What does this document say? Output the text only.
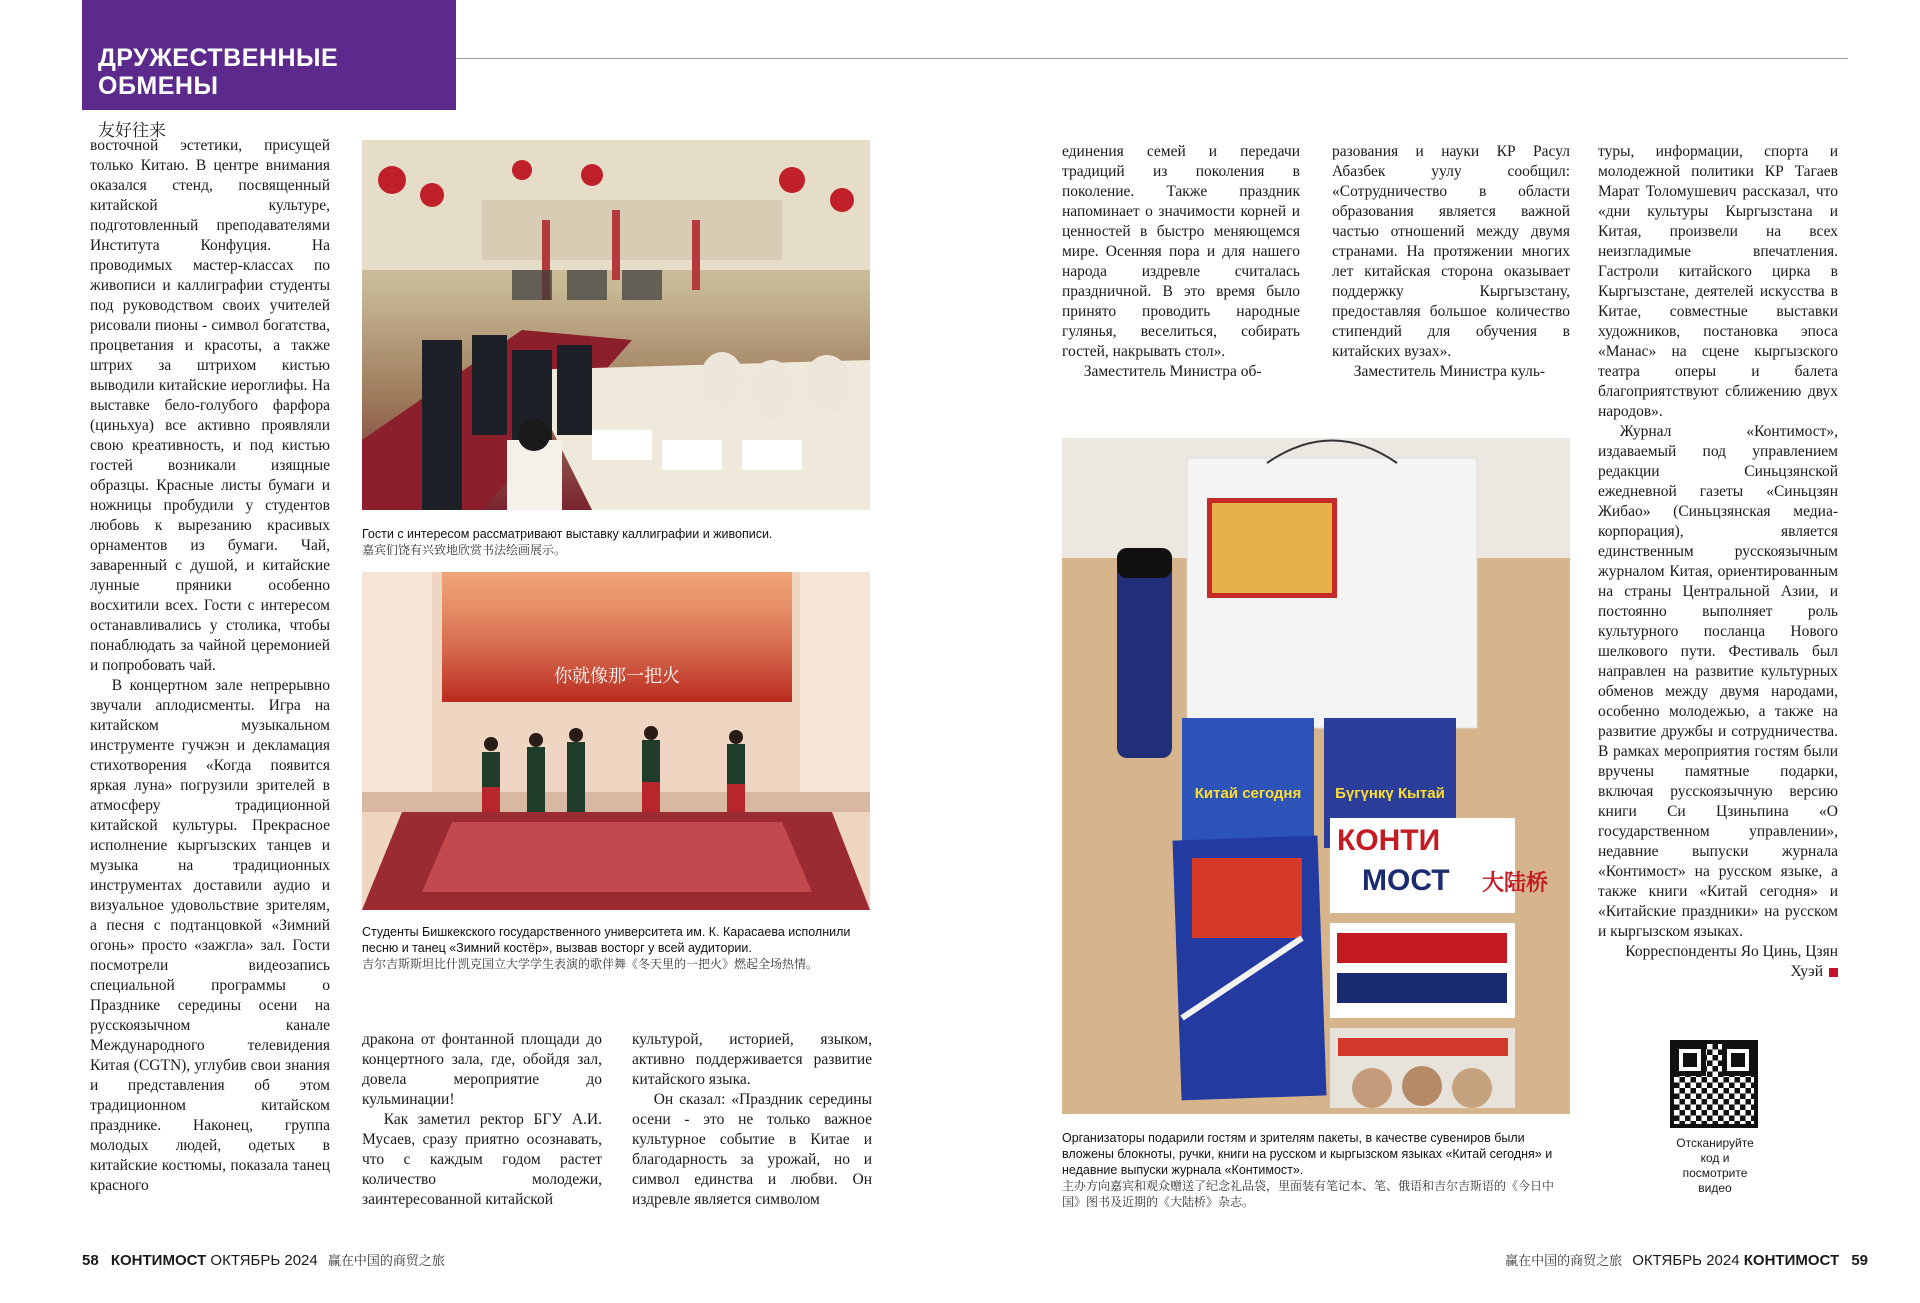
ДРУЖЕСТВЕННЫЕ
ОБМЕНЫ
友好往来

восточной эстетики, присущей только Китаю. В центре внимания оказался стенд, посвященный китайской культуре, подготовленный преподавателями Института Конфуция. На проводимых мастер-классах по живописи и каллиграфии студенты под руководством своих учителей рисовали пионы - символ богатства, процветания и красоты, а также штрих за штрихом кистью выводили китайские иероглифы. На выставке бело-голубого фарфора (циньхуа) все активно проявляли свою креативность, и под кистью гостей возникали изящные образцы. Красные листы бумаги и ножницы пробудили у студентов любовь к вырезанию красивых орнаментов из бумаги. Чай, заваренный с душой, и китайские лунные пряники особенно восхитили всех. Гости с интересом останавливались у столика, чтобы понаблюдать за чайной церемонией и попробовать чай.

В концертном зале непрерывно звучали аплодисменты. Игра на китайском музыкальном инструменте гучжэн и декламация стихотворения «Когда появится яркая луна» погрузили зрителей в атмосферу традиционной китайской культуры. Прекрасное исполнение кыргызских танцев и музыка на традиционных инструментах доставили аудио и визуальное удовольствие зрителям, а песня с подтанцовкой «Зимний огонь» просто «зажгла» зал. Гости посмотрели видеозапись специальной программы о Празднике середины осени на русскоязычном канале Международного телевидения Китая (CGTN), углубив свои знания и представления об этом традиционном китайском празднике. Наконец, группа молодых людей, одетых в китайские костюмы, показала танец красного

Гости с интересом рассматривают выставку каллиграфии и живописи.
嘉宾们饶有兴致地欣赏书法绘画展示。
你就像那一把火
Студенты Бишкекского государственного университета им. К. Карасаева исполнили песню и танец «Зимний костёр», вызвав восторг у всей аудитории.
吉尔吉斯斯坦比什凯克国立大学学生表演的歌伴舞《冬天里的一把火》燃起全场热情。

дракона от фонтанной площади до концертного зала, где, обойдя зал, довела мероприятие до кульминации!

Как заметил ректор БГУ А.И. Мусаев, сразу приятно осознавать, что с каждым годом растет количество молодежи, заинтересованной китайской

культурой, историей, языком, активно поддерживается развитие китайского языка.

Он сказал: «Праздник середины осени - это не только важное культурное событие в Китае и благодарность за урожай, но и символ единства и любви. Он издревле является символом

единения семей и передачи традиций из поколения в поколение. Также праздник напоминает о значимости корней и ценностей в быстро меняющемся мире. Осенняя пора и для нашего народа издревле считалась праздничной. В это время было принято проводить народные гулянья, веселиться, собирать гостей, накрывать стол».

Заместитель Министра об-

разования и науки КР Расул Абазбек уулу сообщил: «Сотрудничество в области образования является важной частью отношений между двумя странами. На протяжении многих лет китайская сторона оказывает поддержку Кыргызстану, предоставляя большое количество стипендий для обучения в китайских вузах».

Заместитель Министра куль-

Китай сегодня Бүгүнкү Кытай
КОНТИ
МОСТ 大陆桥
Организаторы подарили гостям и зрителям пакеты, в качестве сувениров были вложены блокноты, ручки, книги на русском и кыргызском языках «Китай сегодня» и недавние выпуски журнала «Контимост».
主办方向嘉宾和观众赠送了纪念礼品袋，里面装有笔记本、笔、俄语和吉尔吉斯语的《今日中国》图书及近期的《大陆桥》杂志。

туры, информации, спорта и молодежной политики КР Тагаев Марат Толомушевич рассказал, что «дни культуры Кыргызстана и Китая, произвели на всех неизгладимые впечатления. Гастроли китайского цирка в Кыргызстане, деятелей искусства в Китае, совместные выставки художников, постановка эпоса «Манас» на сцене кыргызского театра оперы и балета благоприятствуют сближению двух народов».

Журнал «Контимост», издаваемый под управлением редакции Синьцзянской ежедневной газеты «Синьцзян Жибао» (Синьцзянская медиа-корпорация), является единственным русскоязычным журналом Китая, ориентированным на страны Центральной Азии, и постоянно выполняет роль культурного посланца Нового шелкового пути. Фестиваль был направлен на развитие культурных обменов между двумя народами, особенно молодежью, а также на развитие дружбы и сотрудничества. В рамках мероприятия гостям были вручены памятные подарки, включая русскоязычную версию книги Си Цзиньпина «О государственном управлении», недавние выпуски журнала «Контимост» на русском языке, а также книги «Китай сегодня» и «Китайские праздники» на русском и кыргызском языках.

Корреспонденты Яо Цинь, Цзян Хуэй

Отсканируйте
код и
посмотрите
видео
58 КОНТИМОСТ ОКТЯБРЬ 2024 赢在中国的商贸之旅	赢在中国的商贸之旅 ОКТЯБРЬ 2024 КОНТИМОСТ 59
